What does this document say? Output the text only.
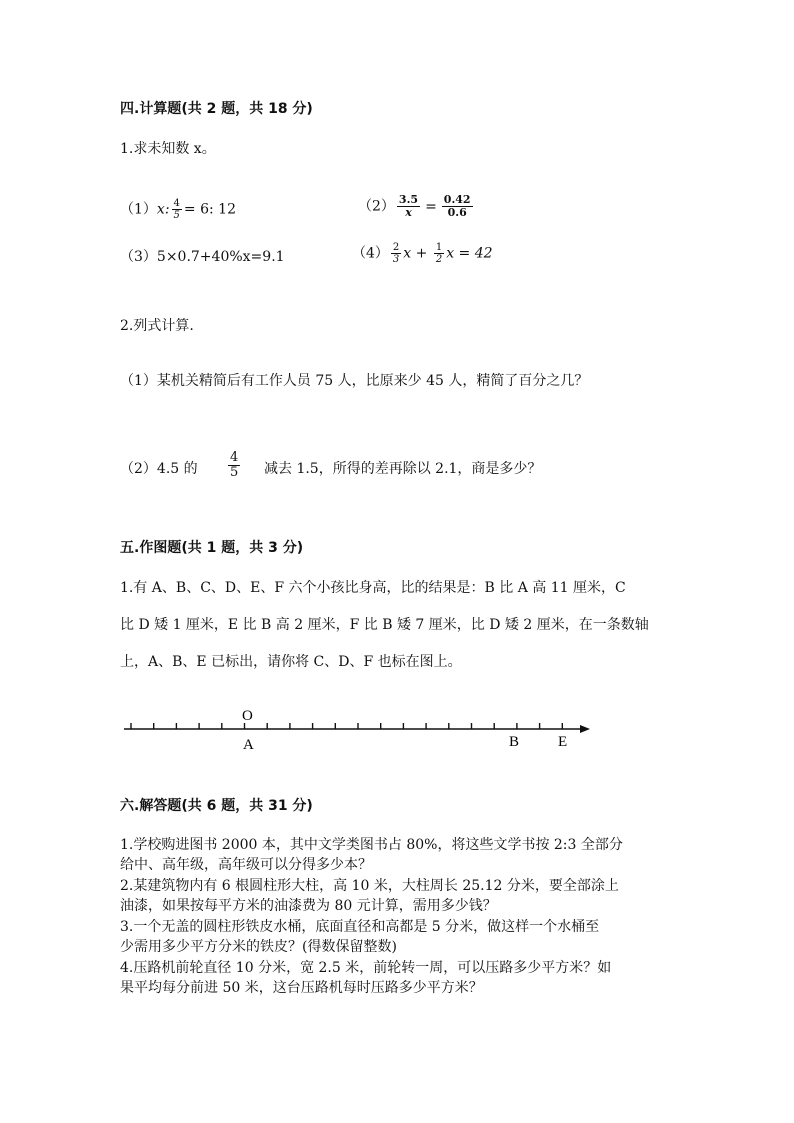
四.计算题(共 2 题，共 18 分)
1.求未知数 x。
（1）x: $\frac{4}{5} = 6$: 12	$(2) \frac{3.5}{x} = \frac{0.42}{0.6}$
（3）5×0.7+40%x=9.1	$(4) \frac{2}{3}$ $x + \frac{1}{2}$ x = 42
2.列式计算.
（1）某机关精简后有工作人员 75 人，比原来少 45 人，精简了百分之几？
（2）4.5 的 $\frac{4}{5}$ 减去 1.5，所得的差再除以 2.1，商是多少？
五.作图题(共 1 题，共 3 分)
1.有 A、B、C、D、E、F 六个小孩比身高，比的结果是：B 比 A 高 11 厘米，C
比 D 矮 1 厘米，E 比 B 高 2 厘米，F 比 B 矮 7 厘米，比 D 矮 2 厘米，在一条数轴
上，A、B、E 已标出，请你将 C、D、F 也标在图上。
O
A	B	E
六.解答题(共 6 题，共 31 分)
1.学校购进图书 2000 本，其中文学类图书占 80%，将这些文学书按 2:3 全部分
给中、高年级，高年级可以分得多少本？
2.某建筑物内有 6 根圆柱形大柱，高 10 米，大柱周长 25.12 分米，要全部涂上
油漆，如果按每平方米的油漆费为 80 元计算，需用多少钱？
3.一个无盖的圆柱形铁皮水桶，底面直径和高都是 5 分米，做这样一个水桶至
少需用多少平方分米的铁皮？(得数保留整数)
4.压路机前轮直径 10 分米，宽 2.5 米，前轮转一周，可以压路多少平方米？如
果平均每分前进 50 米，这台压路机每时压路多少平方米？
